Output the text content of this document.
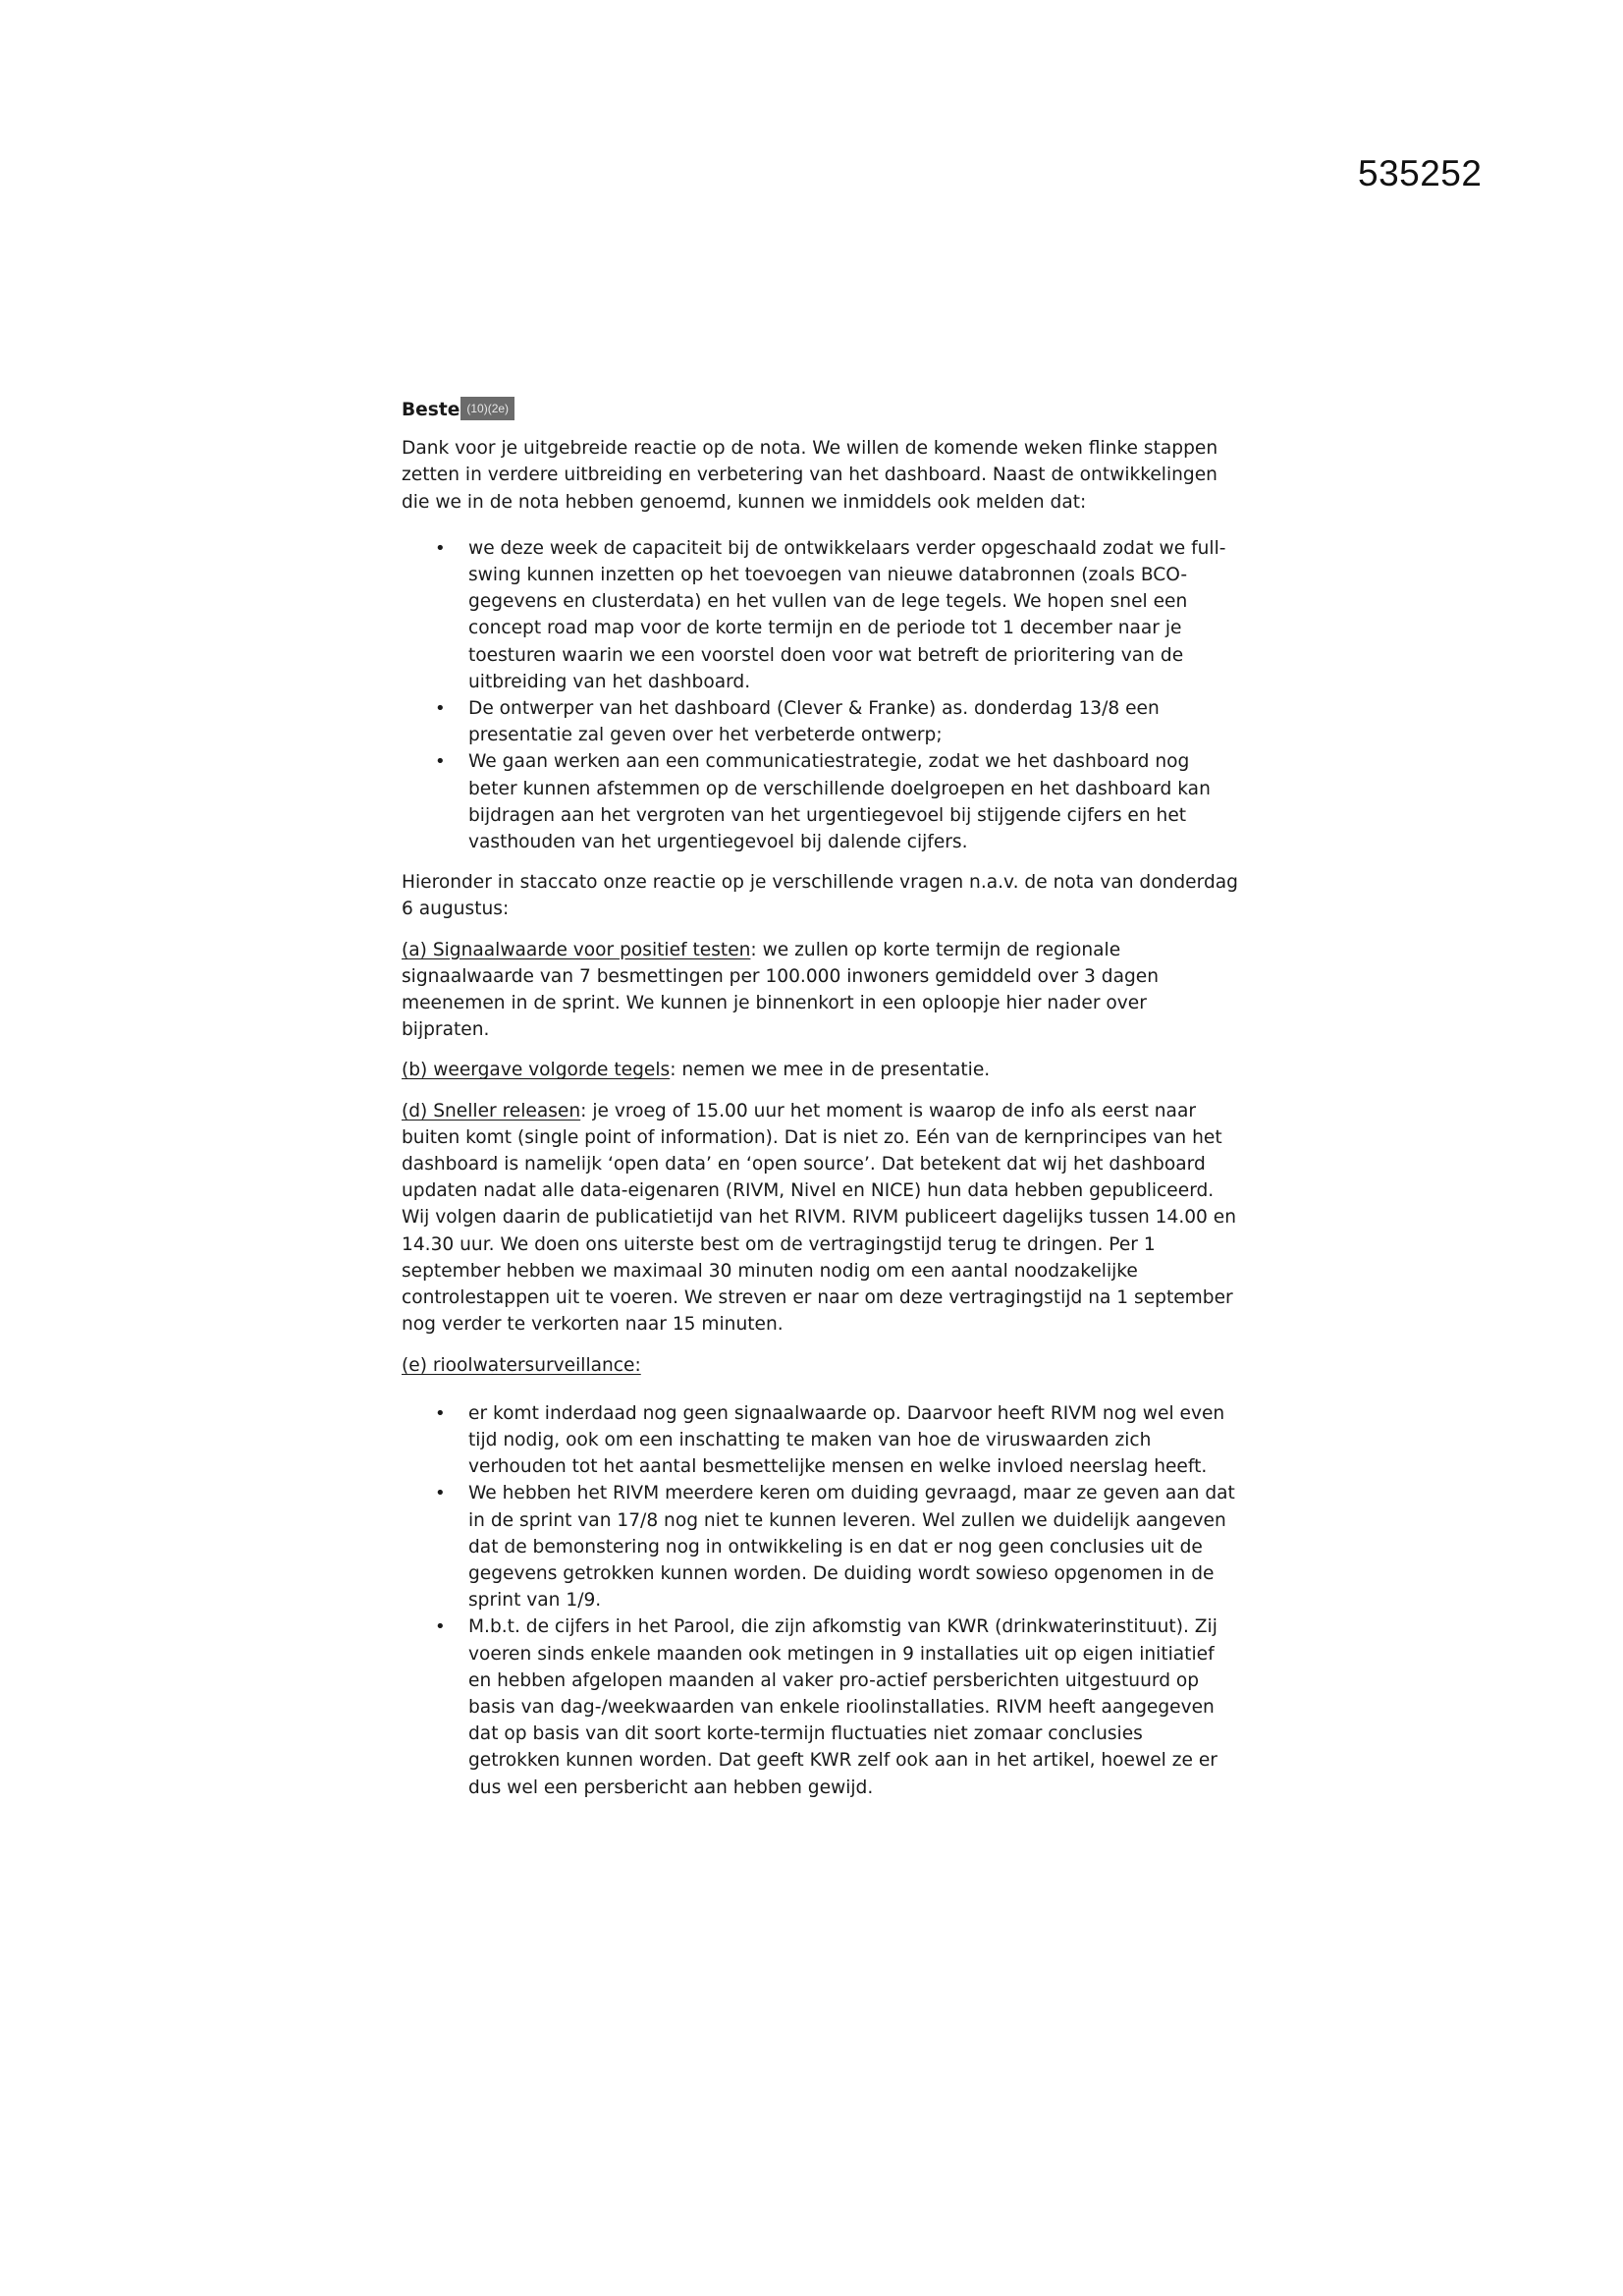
535252

Beste (10)(2e)

Dank voor je uitgebreide reactie op de nota. We willen de komende weken flinke stappen zetten in verdere uitbreiding en verbetering van het dashboard. Naast de ontwikkelingen die we in de nota hebben genoemd, kunnen we inmiddels ook melden dat:

• we deze week de capaciteit bij de ontwikkelaars verder opgeschaald zodat we full-swing kunnen inzetten op het toevoegen van nieuwe databronnen (zoals BCO-gegevens en clusterdata) en het vullen van de lege tegels. We hopen snel een concept road map voor de korte termijn en de periode tot 1 december naar je toesturen waarin we een voorstel doen voor wat betreft de prioritering van de uitbreiding van het dashboard.
• De ontwerper van het dashboard (Clever & Franke) as. donderdag 13/8 een presentatie zal geven over het verbeterde ontwerp;
• We gaan werken aan een communicatiestrategie, zodat we het dashboard nog beter kunnen afstemmen op de verschillende doelgroepen en het dashboard kan bijdragen aan het vergroten van het urgentiegevoel bij stijgende cijfers en het vasthouden van het urgentiegevoel bij dalende cijfers.

Hieronder in staccato onze reactie op je verschillende vragen n.a.v. de nota van donderdag 6 augustus:

(a) Signaalwaarde voor positief testen: we zullen op korte termijn de regionale signaalwaarde van 7 besmettingen per 100.000 inwoners gemiddeld over 3 dagen meenemen in de sprint. We kunnen je binnenkort in een oploopje hier nader over bijpraten.

(b) weergave volgorde tegels: nemen we mee in de presentatie.

(d) Sneller releasen: je vroeg of 15.00 uur het moment is waarop de info als eerst naar buiten komt (single point of information). Dat is niet zo. Eén van de kernprincipes van het dashboard is namelijk ‘open data’ en ‘open source’. Dat betekent dat wij het dashboard updaten nadat alle data-eigenaren (RIVM, Nivel en NICE) hun data hebben gepubliceerd. Wij volgen daarin de publicatietijd van het RIVM. RIVM publiceert dagelijks tussen 14.00 en 14.30 uur. We doen ons uiterste best om de vertragingstijd terug te dringen. Per 1 september hebben we maximaal 30 minuten nodig om een aantal noodzakelijke controlestappen uit te voeren. We streven er naar om deze vertragingstijd na 1 september nog verder te verkorten naar 15 minuten.

(e) rioolwatersurveillance:

• er komt inderdaad nog geen signaalwaarde op. Daarvoor heeft RIVM nog wel even tijd nodig, ook om een inschatting te maken van hoe de viruswaarden zich verhouden tot het aantal besmettelijke mensen en welke invloed neerslag heeft.
• We hebben het RIVM meerdere keren om duiding gevraagd, maar ze geven aan dat in de sprint van 17/8 nog niet te kunnen leveren. Wel zullen we duidelijk aangeven dat de bemonstering nog in ontwikkeling is en dat er nog geen conclusies uit de gegevens getrokken kunnen worden. De duiding wordt sowieso opgenomen in de sprint van 1/9.
• M.b.t. de cijfers in het Parool, die zijn afkomstig van KWR (drinkwaterinstituut). Zij voeren sinds enkele maanden ook metingen in 9 installaties uit op eigen initiatief en hebben afgelopen maanden al vaker pro-actief persberichten uitgestuurd op basis van dag-/weekwaarden van enkele rioolinstallaties. RIVM heeft aangegeven dat op basis van dit soort korte-termijn fluctuaties niet zomaar conclusies getrokken kunnen worden. Dat geeft KWR zelf ook aan in het artikel, hoewel ze er dus wel een persbericht aan hebben gewijd.
